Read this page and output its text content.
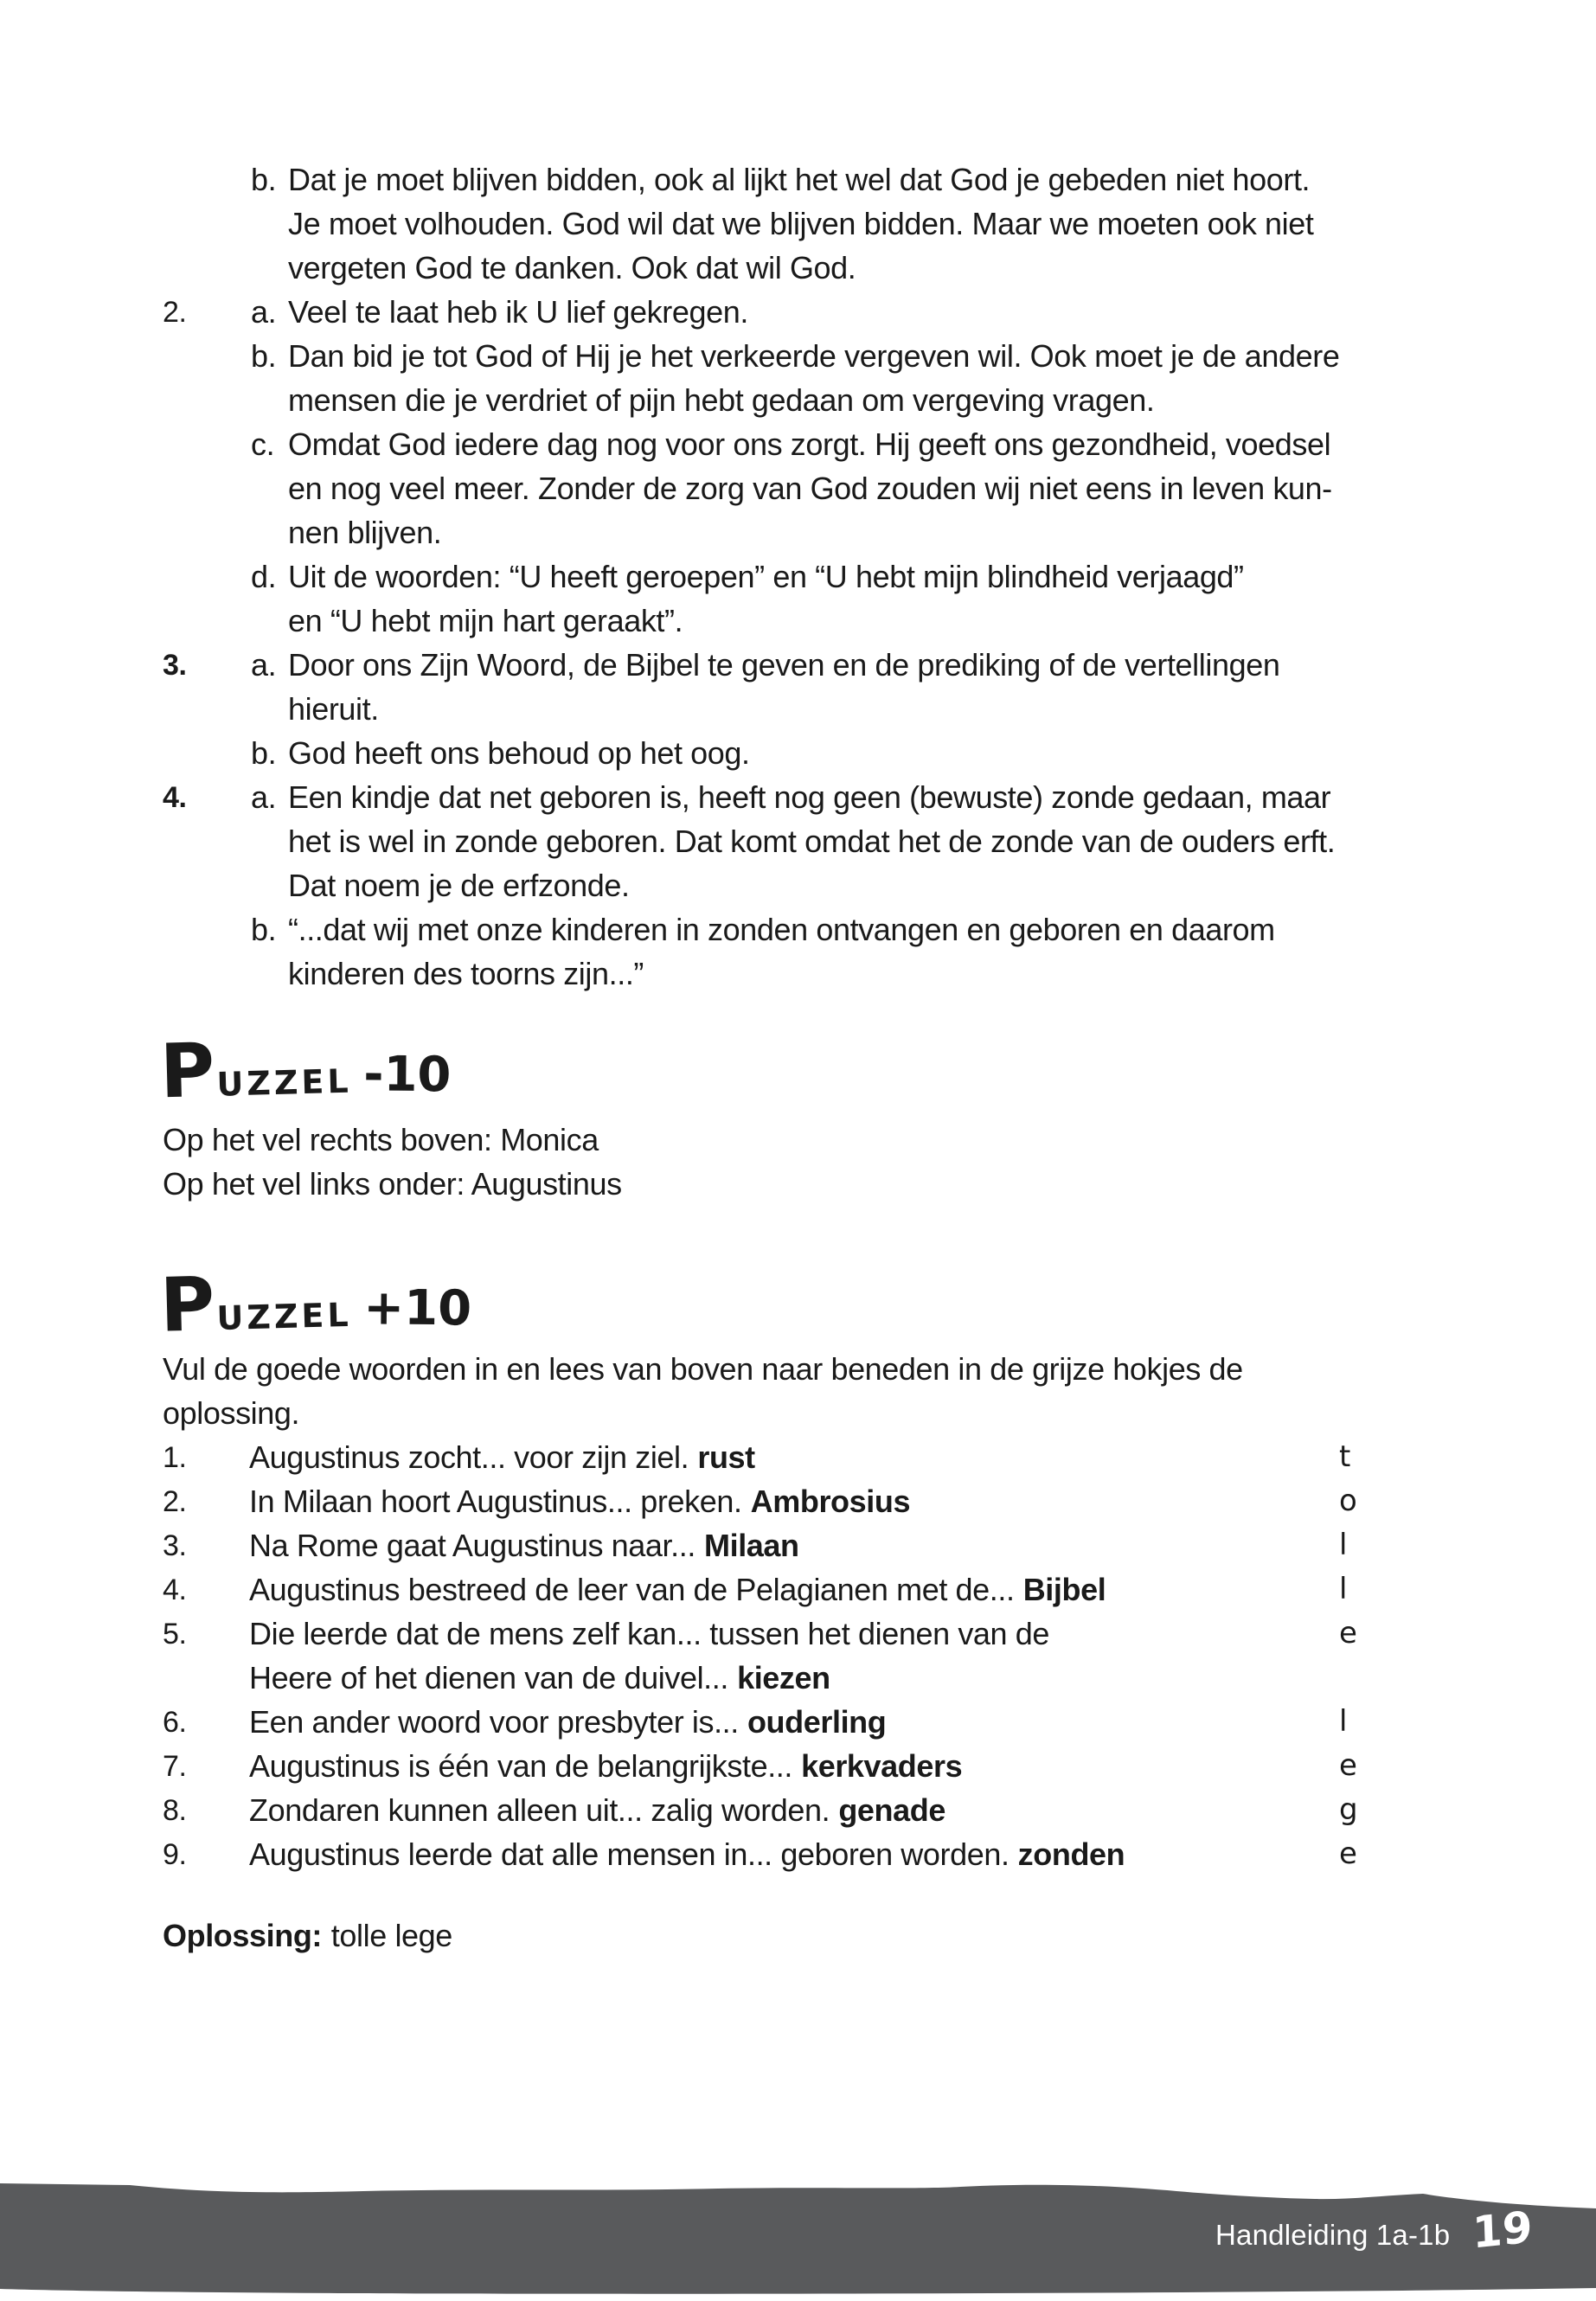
b. Dat je moet blijven bidden, ook al lijkt het wel dat God je gebeden niet hoort.
Je moet volhouden. God wil dat we blijven bidden. Maar we moeten ook niet
vergeten God te danken. Ook dat wil God.
2. a. Veel te laat heb ik U lief gekregen.
b. Dan bid je tot God of Hij je het verkeerde vergeven wil. Ook moet je de andere
mensen die je verdriet of pijn hebt gedaan om vergeving vragen.
c. Omdat God iedere dag nog voor ons zorgt. Hij geeft ons gezondheid, voedsel
en nog veel meer. Zonder de zorg van God zouden wij niet eens in leven kun-
nen blijven.
d. Uit de woorden: “U heeft geroepen” en “U hebt mijn blindheid verjaagd”
en “U hebt mijn hart geraakt”.
3. a. Door ons Zijn Woord, de Bijbel te geven en de prediking of de vertellingen
hieruit.
b. God heeft ons behoud op het oog.
4. a. Een kindje dat net geboren is, heeft nog geen (bewuste) zonde gedaan, maar
het is wel in zonde geboren. Dat komt omdat het de zonde van de ouders erft.
Dat noem je de erfzonde.
b. “...dat wij met onze kinderen in zonden ontvangen en geboren en daarom
kinderen des toorns zijn...”
PUZZEL -10
Op het vel rechts boven: Monica
Op het vel links onder: Augustinus
PUZZEL +10
Vul de goede woorden in en lees van boven naar beneden in de grijze hokjes de
oplossing.
1. Augustinus zocht... voor zijn ziel. rust	t
2. In Milaan hoort Augustinus... preken. Ambrosius	o
3. Na Rome gaat Augustinus naar... Milaan	l
4. Augustinus bestreed de leer van de Pelagianen met de... Bijbel	l
5. Die leerde dat de mens zelf kan... tussen het dienen van de	e
Heere of het dienen van de duivel... kiezen
6. Een ander woord voor presbyter is... ouderling	l
7. Augustinus is één van de belangrijkste... kerkvaders	e
8. Zondaren kunnen alleen uit... zalig worden. genade	g
9. Augustinus leerde dat alle mensen in... geboren worden. zonden	e
Oplossing: tolle lege
Handleiding 1a-1b 19
